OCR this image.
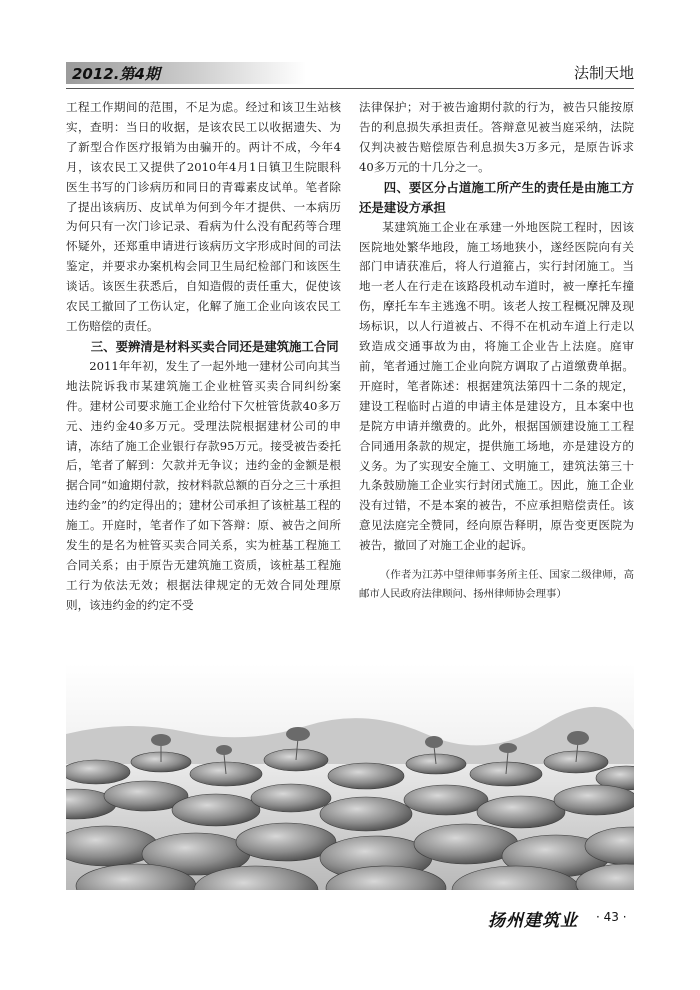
2012.第4期	法制天地

工程工作期间的范围，不足为虑。经过和该卫生站核实，查明：当日的收据，是该农民工以收据遗失、为了新型合作医疗报销为由骗开的。两计不成，今年4月，该农民工又提供了2010年4月1日镇卫生院眼科医生书写的门诊病历和同日的青霉素皮试单。笔者除了提出该病历、皮试单为何到今年才提供、一本病历为何只有一次门诊记录、看病为什么没有配药等合理怀疑外，还郑重申请进行该病历文字形成时间的司法鉴定，并要求办案机构会同卫生局纪检部门和该医生谈话。该医生获悉后，自知造假的责任重大，促使该农民工撤回了工伤认定，化解了施工企业向该农民工工伤赔偿的责任。

三、要辨清是材料买卖合同还是建筑施工合同

2011年年初，发生了一起外地一建材公司向其当地法院诉我市某建筑施工企业桩管买卖合同纠纷案件。建材公司要求施工企业给付下欠桩管货款40多万元、违约金40多万元。受理法院根据建材公司的申请，冻结了施工企业银行存款95万元。接受被告委托后，笔者了解到：欠款并无争议；违约金的金额是根据合同“如逾期付款，按材料款总额的百分之三十承担违约金”的约定得出的；建材公司承担了该桩基工程的施工。开庭时，笔者作了如下答辩：原、被告之间所发生的是名为桩管买卖合同关系，实为桩基工程施工合同关系；由于原告无建筑施工资质，该桩基工程施工行为依法无效；根据法律规定的无效合同处理原则，该违约金的约定不受

法律保护；对于被告逾期付款的行为，被告只能按原告的利息损失承担责任。答辩意见被当庭采纳，法院仅判决被告赔偿原告利息损失3万多元，是原告诉求40多万元的十几分之一。

四、要区分占道施工所产生的责任是由施工方还是建设方承担

某建筑施工企业在承建一外地医院工程时，因该医院地处繁华地段，施工场地狭小，遂经医院向有关部门申请获准后，将人行道箍占，实行封闭施工。当地一老人在行走在该路段机动车道时，被一摩托车撞伤，摩托车车主逃逸不明。该老人按工程概况牌及现场标识，以人行道被占、不得不在机动车道上行走以致造成交通事故为由，将施工企业告上法庭。庭审前，笔者通过施工企业向院方调取了占道缴费单据。开庭时，笔者陈述：根据建筑法第四十二条的规定，建设工程临时占道的申请主体是建设方，且本案中也是院方申请并缴费的。此外，根据国颁建设施工工程合同通用条款的规定，提供施工场地，亦是建设方的义务。为了实现安全施工、文明施工，建筑法第三十九条鼓励施工企业实行封闭式施工。因此，施工企业没有过错，不是本案的被告，不应承担赔偿责任。该意见法庭完全赞同，经向原告释明，原告变更医院为被告，撤回了对施工企业的起诉。

（作者为江苏中望律师事务所主任、国家二级律师，高邮市人民政府法律顾问、扬州律师协会理事）

扬州建筑业 · 43 ·
